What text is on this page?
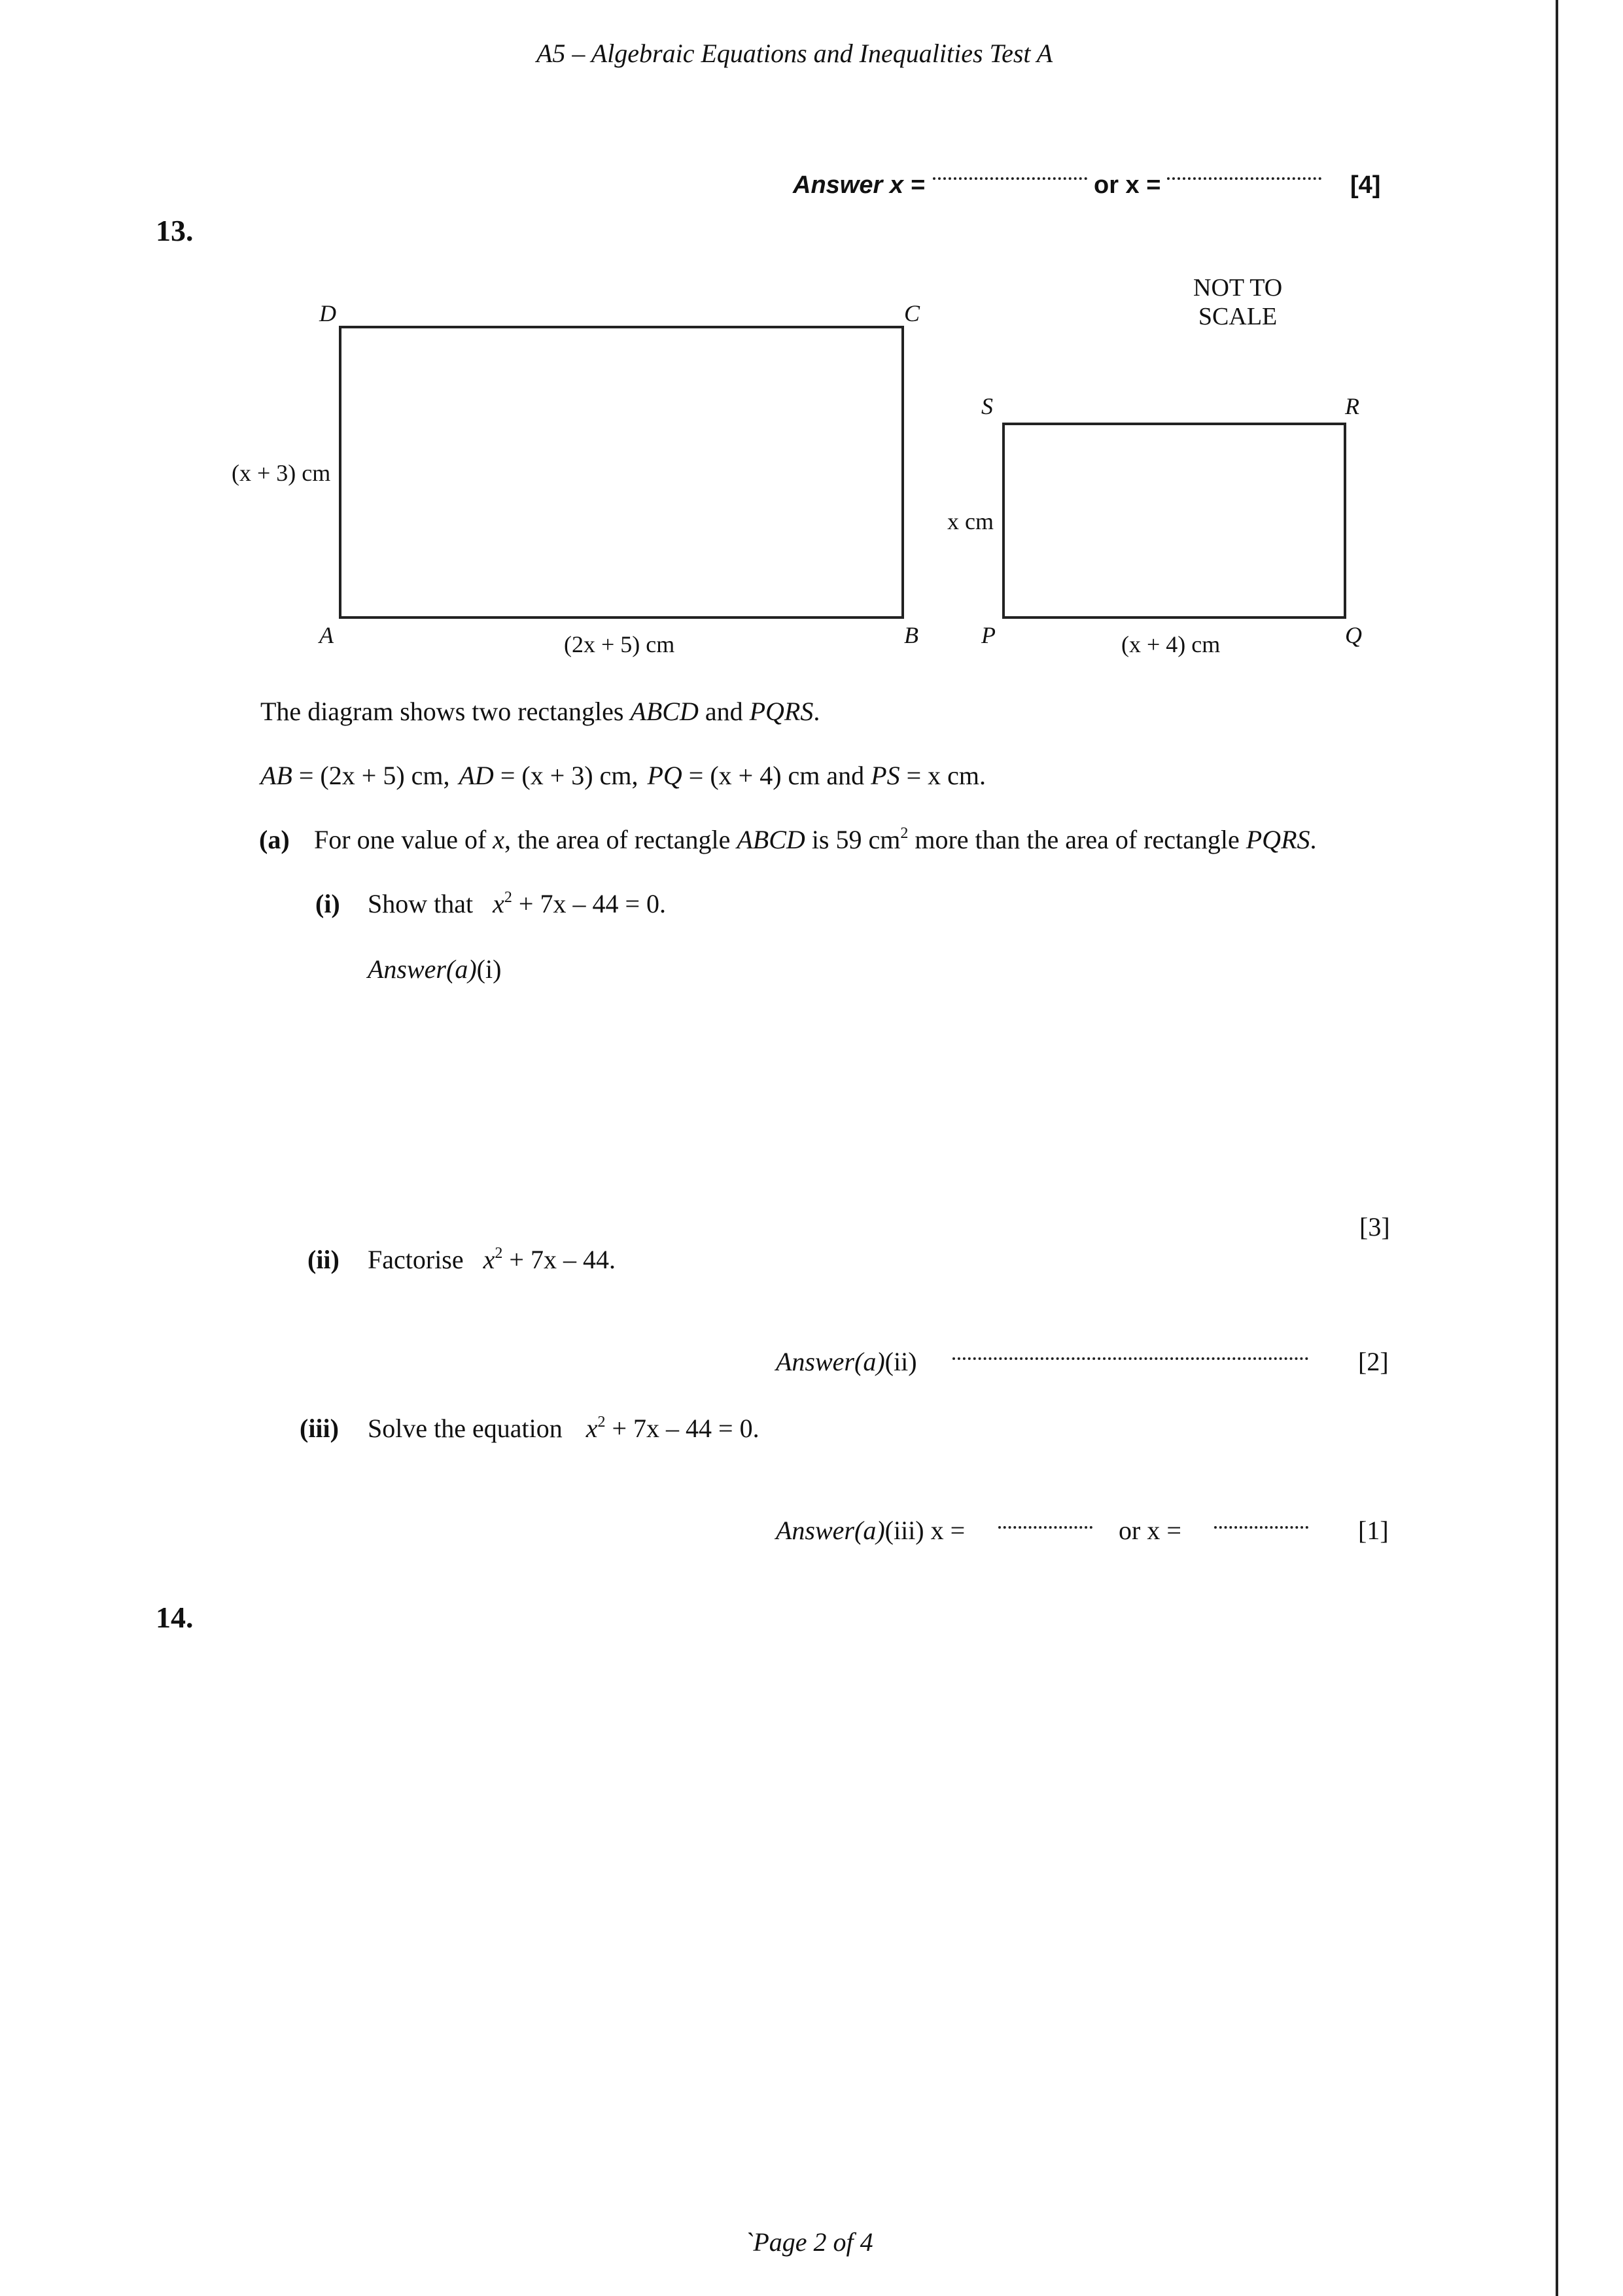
A5 – Algebraic Equations and Inequalities Test A
Answer x =	or x =	[4]
13.
NOT TO
SCALE
D	C
A	B
S	R
P	Q
(x + 3) cm
(2x + 5) cm
x cm
(x + 4) cm
The diagram shows two rectangles ABCD and PQRS.
AB = (2x + 5) cm, AD = (x + 3) cm, PQ = (x + 4) cm and PS = x cm.
(a) For one value of x, the area of rectangle ABCD is 59 $cm^2$ more than the area of rectangle PQRS.
(i) Show that $x^2 + 7x - 44 = 0$.
Answer(a)(i)
[3]
(ii) Factorise $x^2 + 7x - 44$.
Answer(a)(ii)	[2]
(iii) Solve the equation $x^2 + 7x - 44 = 0$.
Answer(a)(iii) x =	or x =	[1]
14.
`Page 2 of 4
